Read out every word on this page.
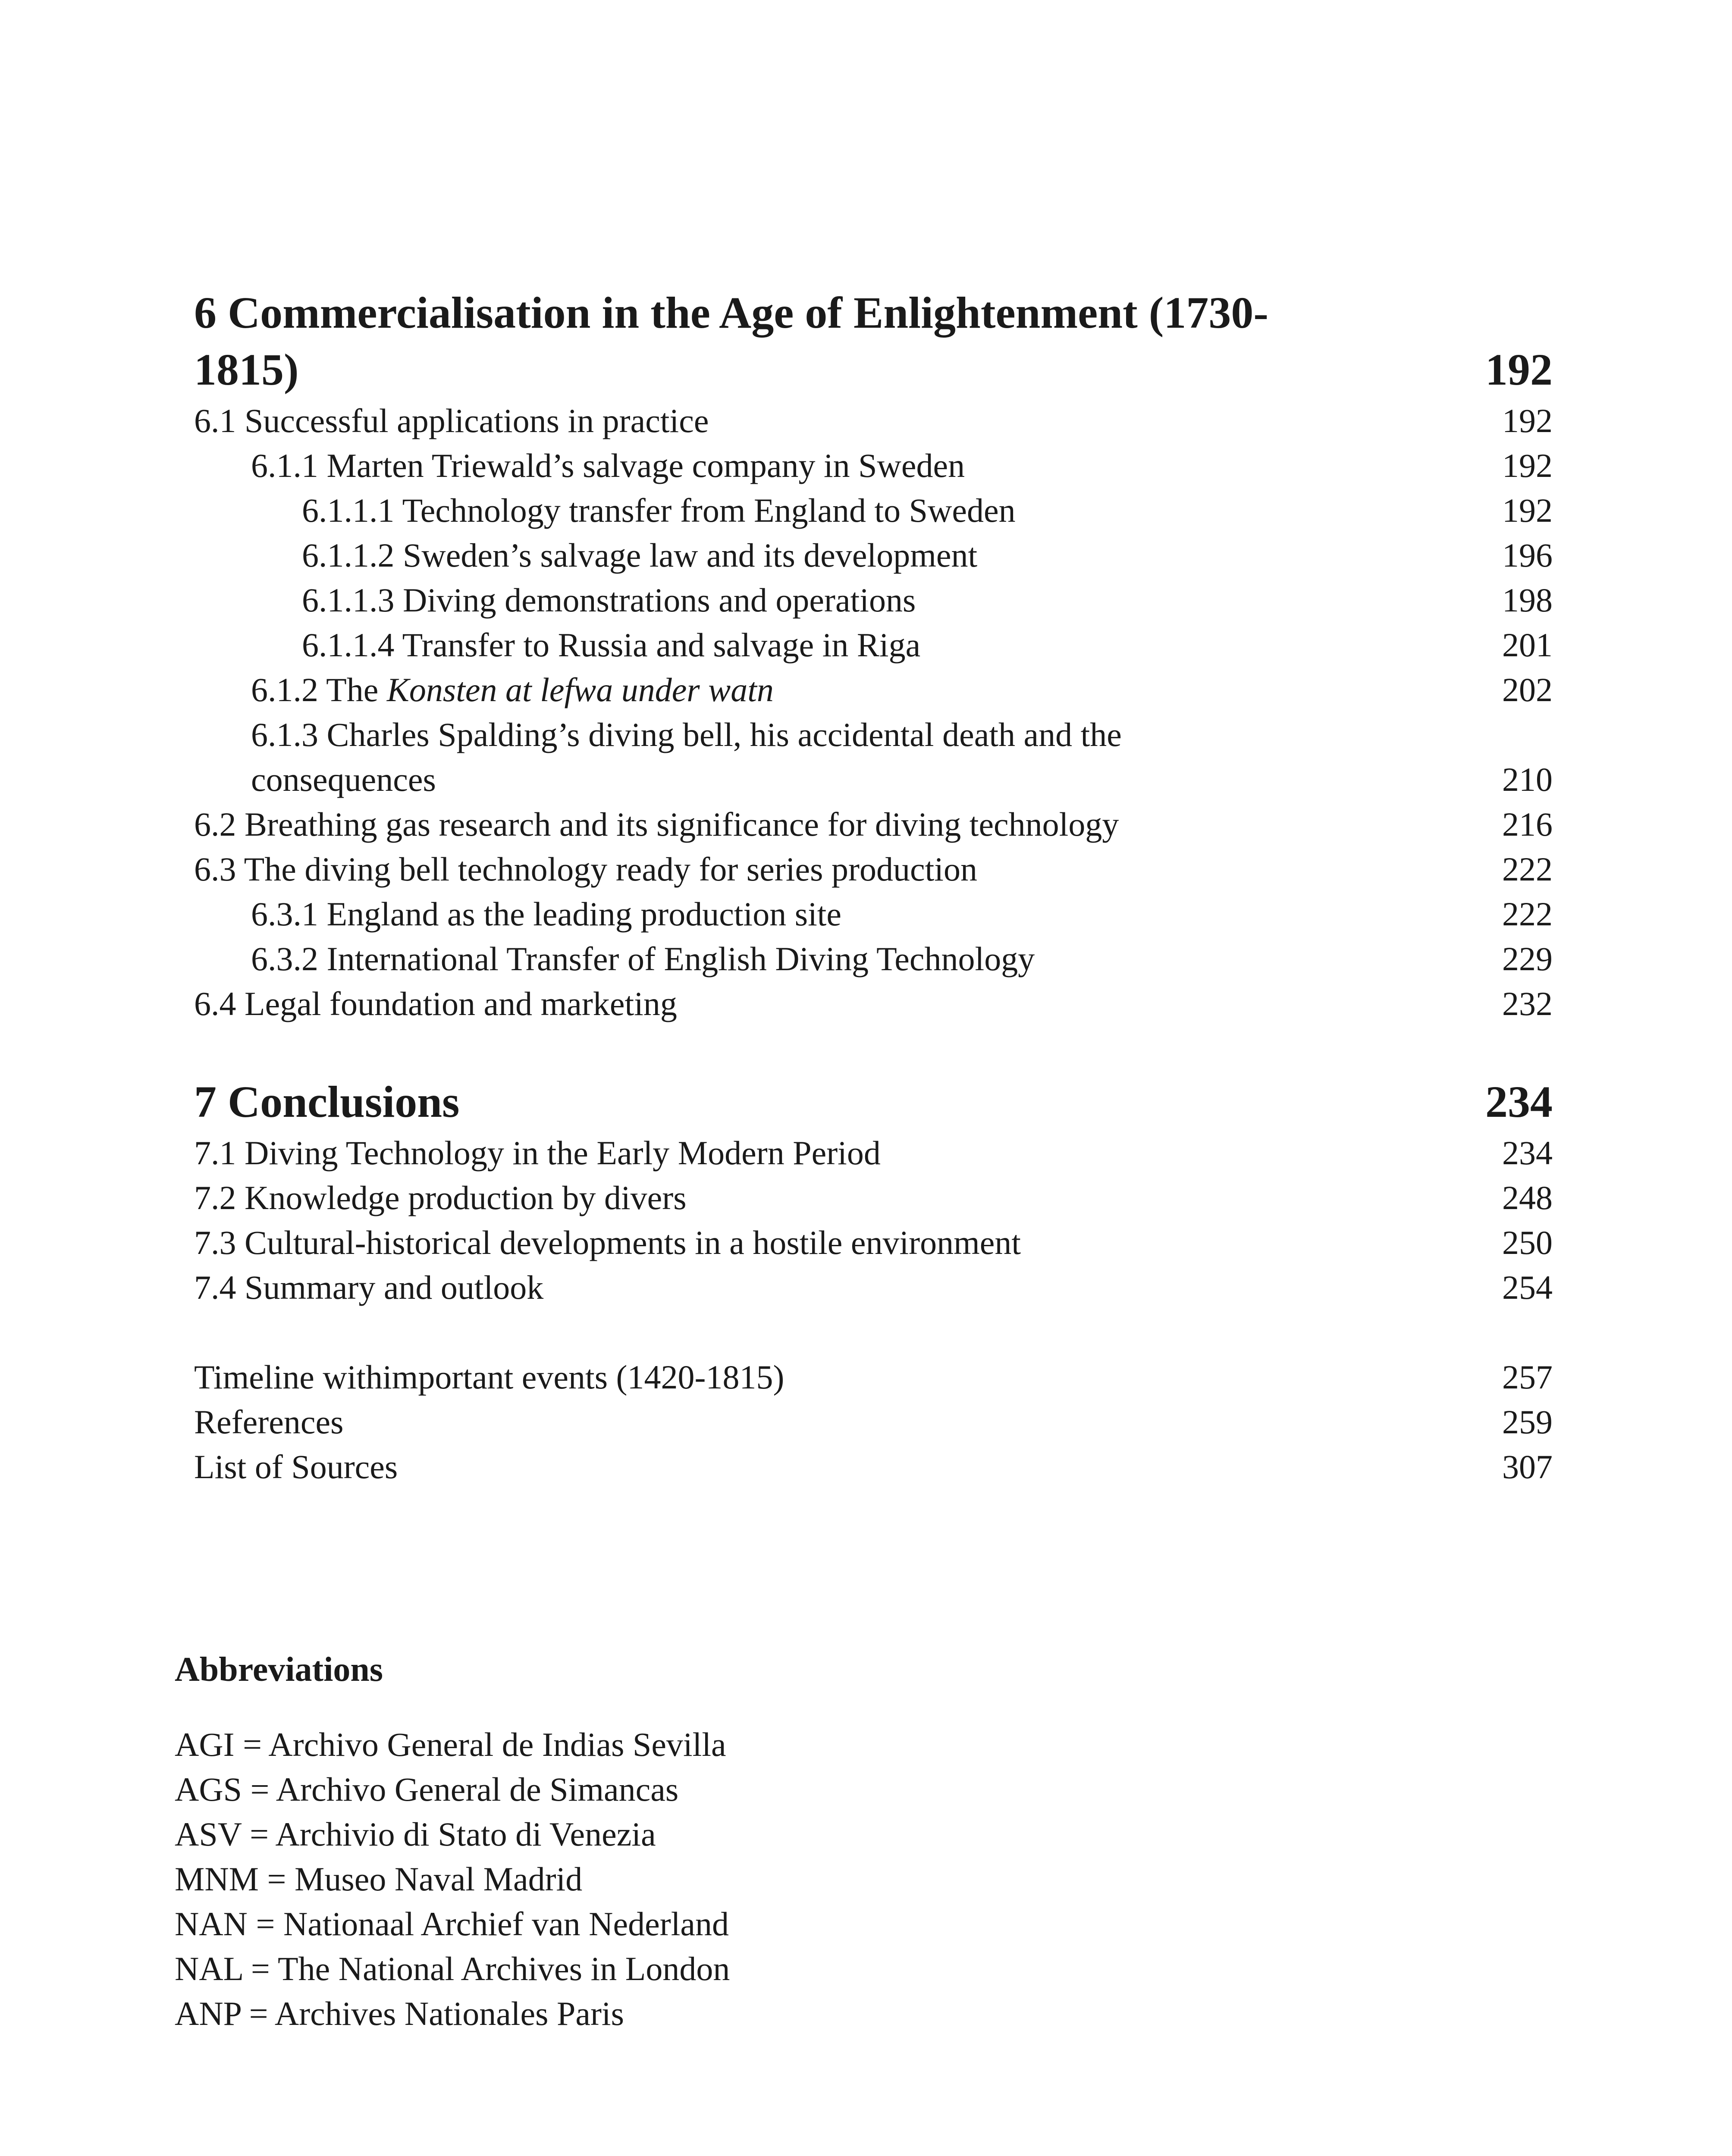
6 Commercialisation in the Age of Enlightenment (1730-
1815)	192
6.1 Successful applications in practice	192
6.1.1 Marten Triewald’s salvage company in Sweden	192
6.1.1.1 Technology transfer from England to Sweden	192
6.1.1.2 Sweden’s salvage law and its development	196
6.1.1.3 Diving demonstrations and operations	198
6.1.1.4 Transfer to Russia and salvage in Riga	201
6.1.2 The Konsten at lefwa under watn	202
6.1.3 Charles Spalding’s diving bell, his accidental death and the
consequences	210
6.2 Breathing gas research and its significance for diving technology	216
6.3 The diving bell technology ready for series production	222
6.3.1 England as the leading production site	222
6.3.2 International Transfer of English Diving Technology	229
6.4 Legal foundation and marketing	232
7 Conclusions	234
7.1 Diving Technology in the Early Modern Period	234
7.2 Knowledge production by divers	248
7.3 Cultural-historical developments in a hostile environment	250
7.4 Summary and outlook	254
Timeline withimportant events (1420-1815)	257
References	259
List of Sources	307
Abbreviations
AGI = Archivo General de Indias Sevilla
AGS = Archivo General de Simancas
ASV = Archivio di Stato di Venezia
MNM = Museo Naval Madrid
NAN = Nationaal Archief van Nederland
NAL = The National Archives in London
ANP = Archives Nationales Paris
